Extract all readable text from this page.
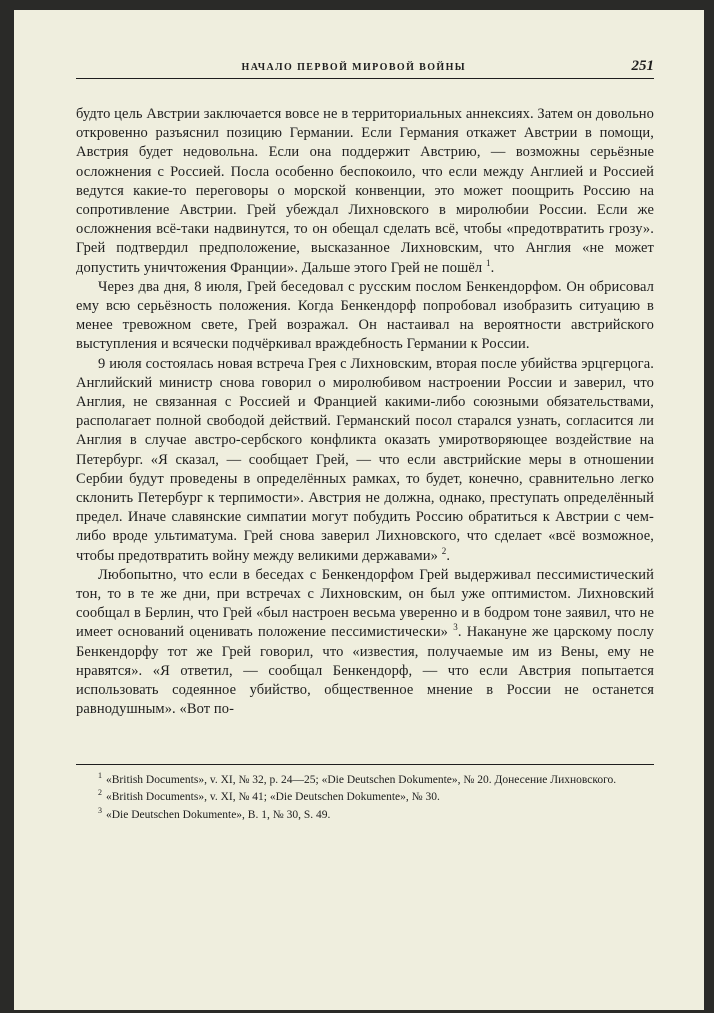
НАЧАЛО ПЕРВОЙ МИРОВОЙ ВОЙНЫ	251

будто цель Австрии заключается вовсе не в территориальных аннексиях. Затем он довольно откровенно разъяснил позицию Германии. Если Германия откажет Австрии в помощи, Австрия будет недовольна. Если она поддержит Австрию, — возможны серьёзные осложнения с Россией. Посла особенно беспокоило, что если между Англией и Россией ведутся какие-то переговоры о морской конвенции, это может поощрить Россию на сопротивление Австрии. Грей убеждал Лихновского в миролюбии России. Если же осложнения всё-таки надвинутся, то он обещал сделать всё, чтобы «предотвратить грозу». Грей подтвердил предположение, высказанное Лихновским, что Англия «не может допустить уничтожения Франции». Дальше этого Грей не пошёл $^1$.

Через два дня, 8 июля, Грей беседовал с русским послом Бенкендорфом. Он обрисовал ему всю серьёзность положения. Когда Бенкендорф попробовал изобразить ситуацию в менее тревожном свете, Грей возражал. Он настаивал на вероятности австрийского выступления и всячески подчёркивал враждебность Германии к России.

9 июля состоялась новая встреча Грея с Лихновским, вторая после убийства эрцгерцога. Английский министр снова говорил о миролюбивом настроении России и заверил, что Англия, не связанная с Россией и Францией какими-либо союзными обязательствами, располагает полной свободой действий. Германский посол старался узнать, согласится ли Англия в случае австро-сербского конфликта оказать умиротворяющее воздействие на Петербург. «Я сказал, — сообщает Грей, — что если австрийские меры в отношении Сербии будут проведены в определённых рамках, то будет, конечно, сравнительно легко склонить Петербург к терпимости». Австрия не должна, однако, преступать определённый предел. Иначе славянские симпатии могут побудить Россию обратиться к Австрии с чем-либо вроде ультиматума. Грей снова заверил Лихновского, что сделает «всё возможное, чтобы предотвратить войну между великими державами» $^2$.

Любопытно, что если в беседах с Бенкендорфом Грей выдерживал пессимистический тон, то в те же дни, при встречах с Лихновским, он был уже оптимистом. Лихновский сообщал в Берлин, что Грей «был настроен весьма уверенно и в бодром тоне заявил, что не имеет оснований оценивать положение пессимистически» $^3$. Накануне же царскому послу Бенкендорфу тот же Грей говорил, что «известия, получаемые им из Вены, ему не нравятся». «Я ответил, — сообщал Бенкендорф, — что если Австрия попытается использовать содеянное убийство, общественное мнение в России не останется равнодушным». «Вот по-

$^1$ «British Documents», v. XI, № 32, p. 24—25; «Die Deutschen Dokumente», № 20. Донесение Лихновского.
$^2$ «British Documents», v. XI, № 41; «Die Deutschen Dokumente», № 30.
$^3$ «Die Deutschen Dokumente», B. 1, № 30, S. 49.
